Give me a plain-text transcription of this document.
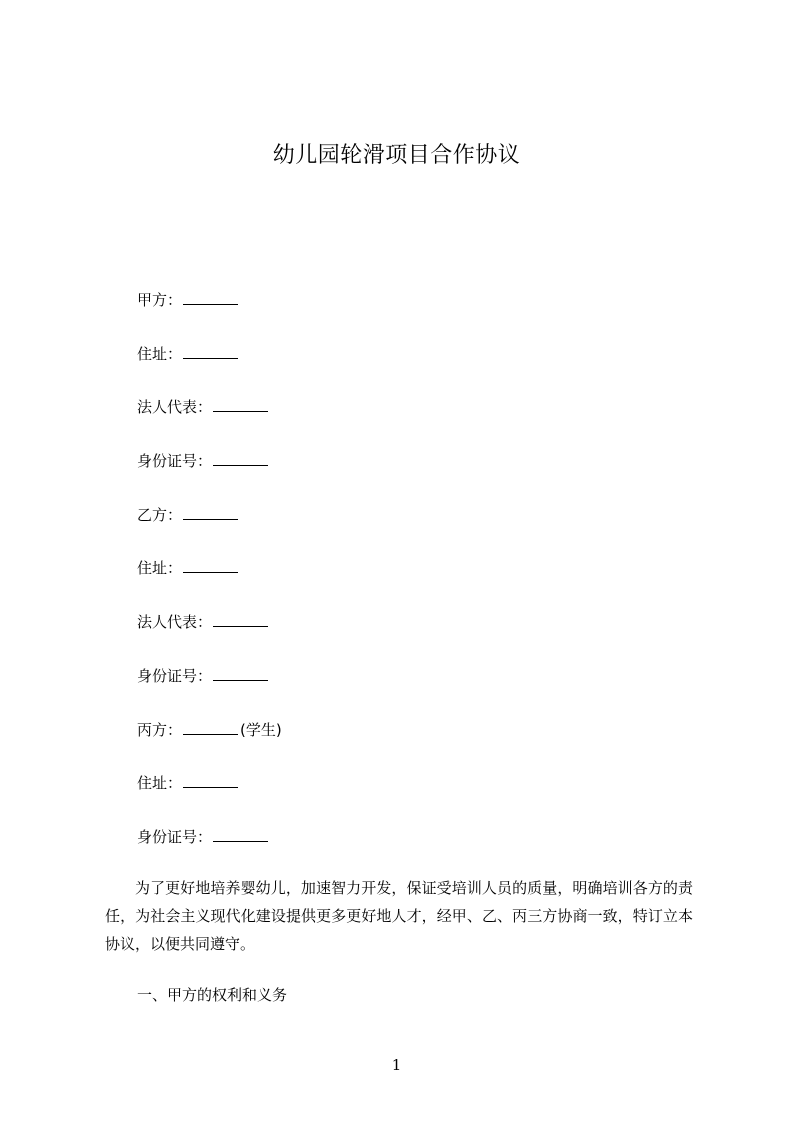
幼儿园轮滑项目合作协议
甲方：
住址：
法人代表：
身份证号：
乙方：
住址：
法人代表：
身份证号：
丙方：	(学生)
住址：
身份证号：

为了更好地培养婴幼儿，加速智力开发，保证受培训人员的质量，明确培训各方的责任，为社会主义现代化建设提供更多更好地人才，经甲、乙、丙三方协商一致，特订立本协议，以便共同遵守。

一、甲方的权利和义务

1
